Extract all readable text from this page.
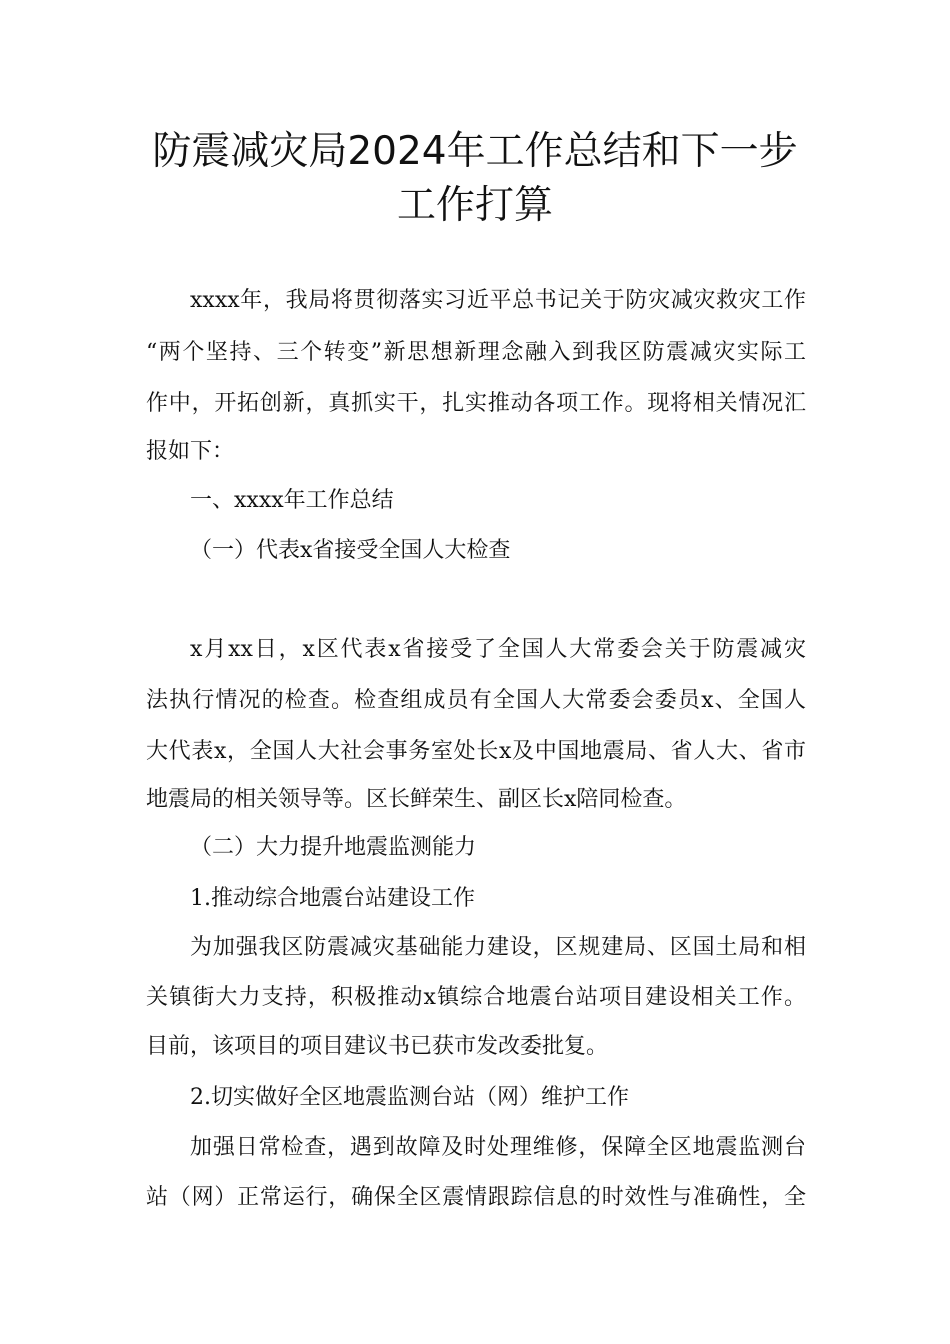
防震减灾局2024年工作总结和下一步
工作打算
xxxx年，我局将贯彻落实习近平总书记关于防灾减灾救灾工作
“两个坚持、三个转变”新思想新理念融入到我区防震减灾实际工
作中，开拓创新，真抓实干，扎实推动各项工作。现将相关情况汇
报如下：
一、xxxx年工作总结
（一）代表x省接受全国人大检查
x月xx日，x区代表x省接受了全国人大常委会关于防震减灾
法执行情况的检查。检查组成员有全国人大常委会委员x、全国人
大代表x，全国人大社会事务室处长x及中国地震局、省人大、省市
地震局的相关领导等。区长鲜荣生、副区长x陪同检查。
（二）大力提升地震监测能力
1.推动综合地震台站建设工作
为加强我区防震减灾基础能力建设，区规建局、区国土局和相
关镇街大力支持，积极推动x镇综合地震台站项目建设相关工作。
目前，该项目的项目建议书已获市发改委批复。
2.切实做好全区地震监测台站（网）维护工作
加强日常检查，遇到故障及时处理维修，保障全区地震监测台
站（网）正常运行，确保全区震情跟踪信息的时效性与准确性，全
